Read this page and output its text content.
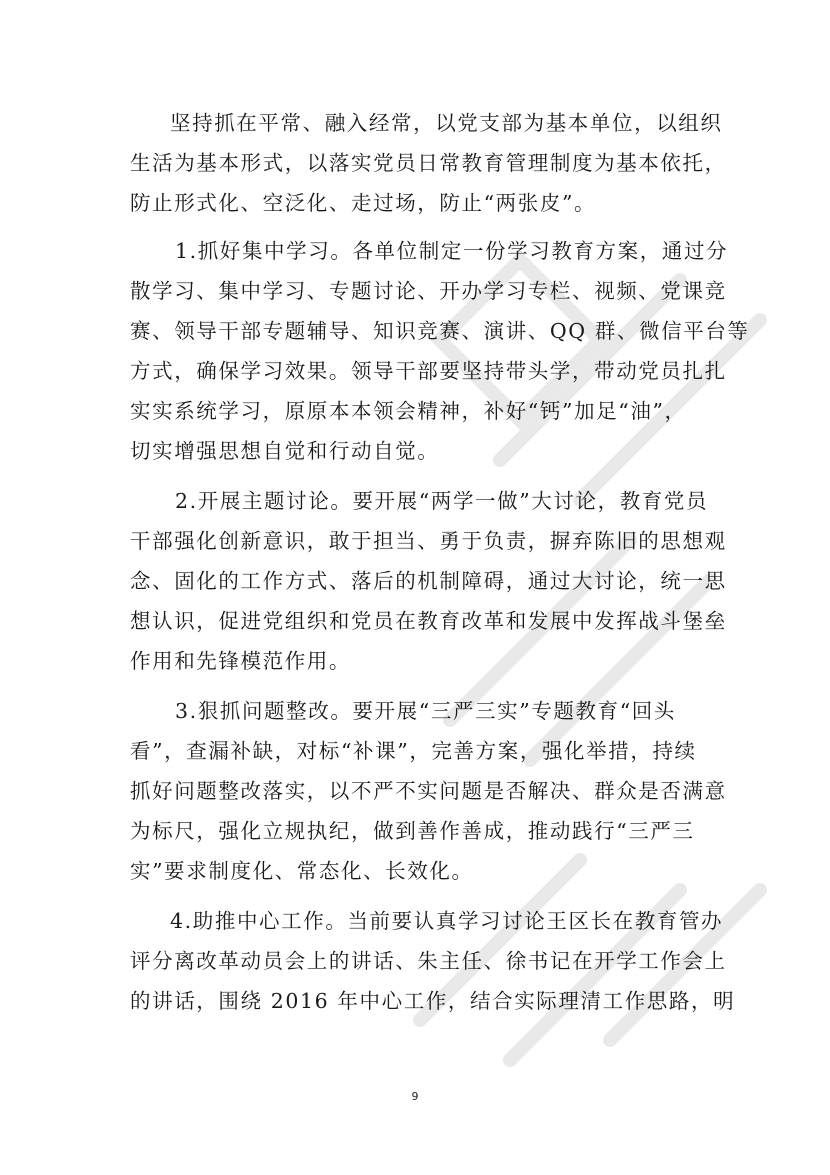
坚持抓在平常、融入经常，以党支部为基本单位，以组织
生活为基本形式，以落实党员日常教育管理制度为基本依托，
防止形式化、空泛化、走过场，防止“两张皮”。
1.抓好集中学习。各单位制定一份学习教育方案，通过分
散学习、集中学习、专题讨论、开办学习专栏、视频、党课竞
赛、领导干部专题辅导、知识竞赛、演讲、QQ 群、微信平台等
方式，确保学习效果。领导干部要坚持带头学，带动党员扎扎
实实系统学习，原原本本领会精神，补好“钙”加足“油”，
切实增强思想自觉和行动自觉。
2.开展主题讨论。要开展“两学一做”大讨论，教育党员
干部强化创新意识，敢于担当、勇于负责，摒弃陈旧的思想观
念、固化的工作方式、落后的机制障碍，通过大讨论，统一思
想认识，促进党组织和党员在教育改革和发展中发挥战斗堡垒
作用和先锋模范作用。
3.狠抓问题整改。要开展“三严三实”专题教育“回头
看”，查漏补缺，对标“补课”，完善方案，强化举措，持续
抓好问题整改落实，以不严不实问题是否解决、群众是否满意
为标尺，强化立规执纪，做到善作善成，推动践行“三严三
实”要求制度化、常态化、长效化。
4.助推中心工作。当前要认真学习讨论王区长在教育管办
评分离改革动员会上的讲话、朱主任、徐书记在开学工作会上
的讲话，围绕 2016 年中心工作，结合实际理清工作思路，明
9
